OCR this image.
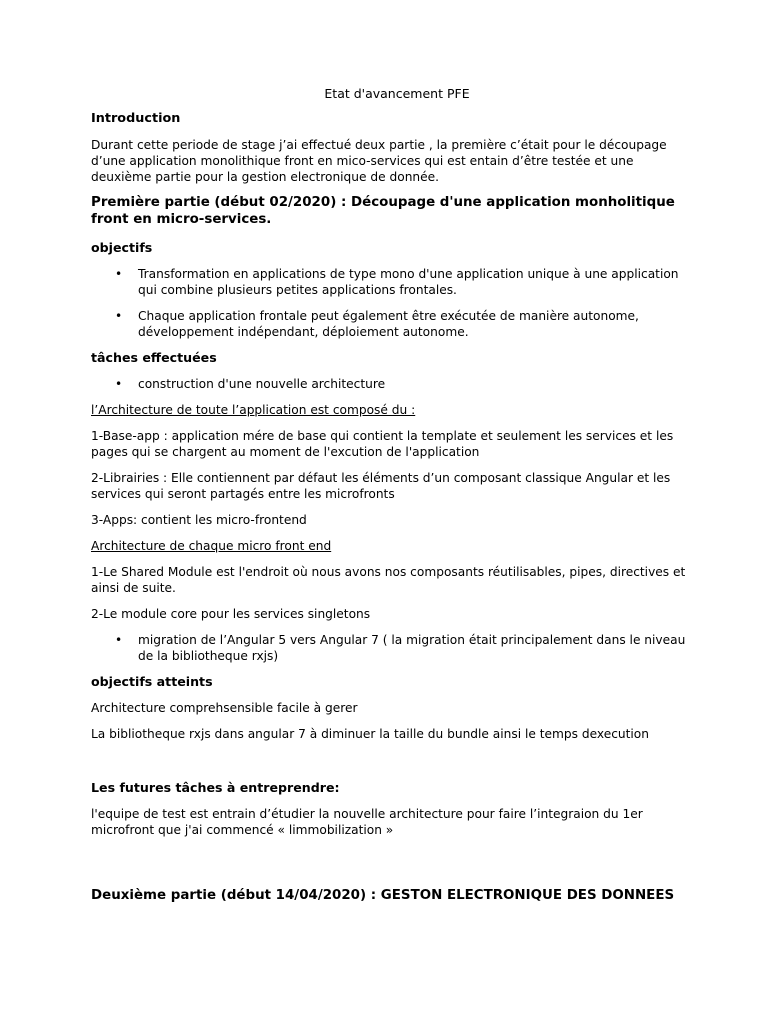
Etat d'avancement PFE

Introduction

Durant cette periode de stage j’ai effectué deux partie , la première c’était pour le découpage d’une application monolithique front en mico-services qui est entain d’être testée et une deuxième partie pour la gestion electronique de donnée.

Première partie (début 02/2020) : Découpage d'une application monholitique front en micro-services.

objectifs

• Transformation en applications de type mono d'une application unique à une application qui combine plusieurs petites applications frontales.
• Chaque application frontale peut également être exécutée de manière autonome, développement indépendant, déploiement autonome.

tâches effectuées

• construction d'une nouvelle architecture

l’Architecture de toute l’application est composé du :

1-Base-app : application mére de base qui contient la template et seulement les services et les pages qui se chargent au moment de l'excution de l'application

2-Librairies : Elle contiennent par défaut les éléments d’un composant classique Angular et les services qui seront partagés entre les microfronts

3-Apps: contient les micro-frontend

Architecture de chaque micro front end

1-Le Shared Module est l'endroit où nous avons nos composants réutilisables, pipes, directives et ainsi de suite.

2-Le module core pour les services singletons

• migration de l’Angular 5 vers Angular 7 ( la migration était principalement dans le niveau de la bibliotheque rxjs)

objectifs atteints

Architecture comprehsensible facile à gerer

La bibliotheque rxjs dans angular 7 à diminuer la taille du bundle ainsi le temps dexecution

Les futures tâches à entreprendre:

l'equipe de test est entrain d’étudier la nouvelle architecture pour faire l’integraion du 1er microfront que j'ai commencé « limmobilization »

Deuxième partie (début 14/04/2020) : GESTON ELECTRONIQUE DES DONNEES
